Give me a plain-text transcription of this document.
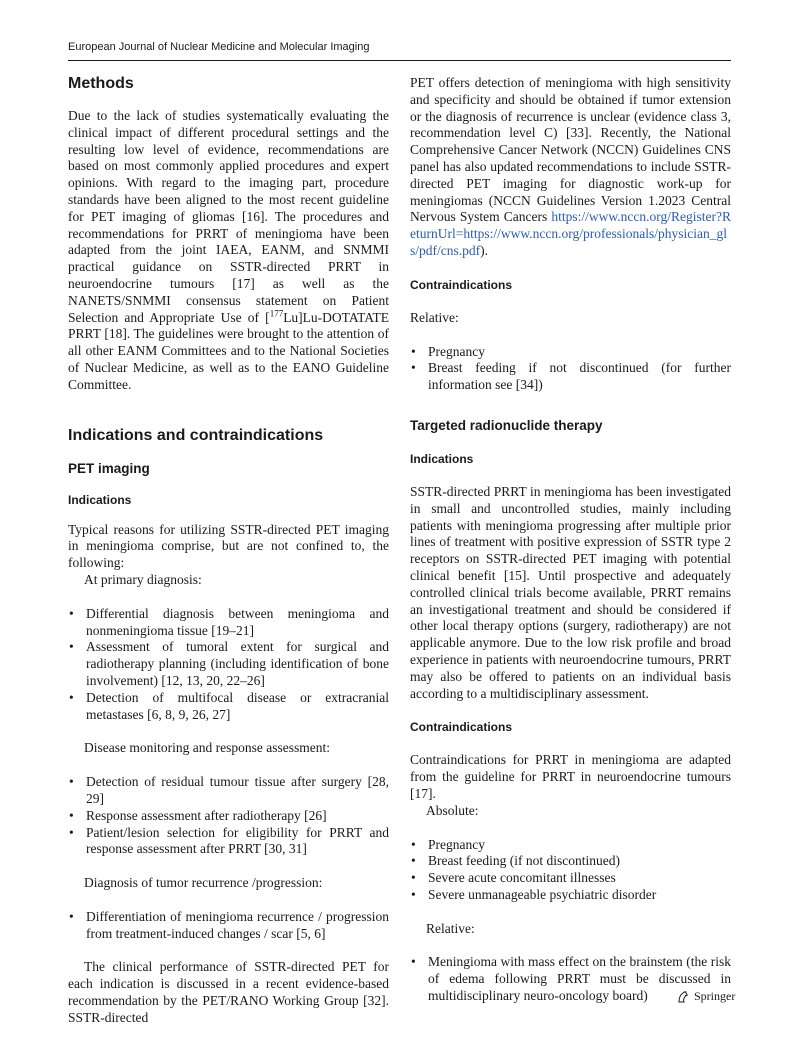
European Journal of Nuclear Medicine and Molecular Imaging
Methods

Due to the lack of studies systematically evaluating the clinical impact of different procedural settings and the resulting low level of evidence, recommendations are based on most commonly applied procedures and expert opinions. With regard to the imaging part, procedure standards have been aligned to the most recent guideline for PET imaging of gliomas [16]. The procedures and recommendations for PRRT of meningioma have been adapted from the joint IAEA, EANM, and SNMMI practical guidance on SSTR-directed PRRT in neuroendocrine tumours [17] as well as the NANETS/SNMMI consensus statement on Patient Selection and Appropriate Use of [$^{177}$Lu]Lu-DOTATATE PRRT [18]. The guidelines were brought to the attention of all other EANM Committees and to the National Societies of Nuclear Medicine, as well as to the EANO Guideline Committee.

Indications and contraindications
PET imaging
Indications

Typical reasons for utilizing SSTR-directed PET imaging in meningioma comprise, but are not confined to, the following:

At primary diagnosis:

• Differential diagnosis between meningioma and nonmeningioma tissue [19–21]
• Assessment of tumoral extent for surgical and radiotherapy planning (including identification of bone involvement) [12, 13, 20, 22–26]
• Detection of multifocal disease or extracranial metastases [6, 8, 9, 26, 27]

Disease monitoring and response assessment:

• Detection of residual tumour tissue after surgery [28, 29]
• Response assessment after radiotherapy [26]
• Patient/lesion selection for eligibility for PRRT and response assessment after PRRT [30, 31]

Diagnosis of tumor recurrence /progression:

• Differentiation of meningioma recurrence / progression from treatment-induced changes / scar [5, 6]

The clinical performance of SSTR-directed PET for each indication is discussed in a recent evidence-based recommendation by the PET/RANO Working Group [32]. SSTR-directed

PET offers detection of meningioma with high sensitivity and specificity and should be obtained if tumor extension or the diagnosis of recurrence is unclear (evidence class 3, recommendation level C) [33]. Recently, the National Comprehensive Cancer Network (NCCN) Guidelines CNS panel has also updated recommendations to include SSTR-directed PET imaging for diagnostic work-up for meningiomas (NCCN Guidelines Version 1.2023 Central Nervous System Cancers https://www.nccn.org/Register?ReturnUrl=https://www.nccn.org/professionals/physician_gls/pdf/cns.pdf).

Contraindications

Relative:

• Pregnancy
• Breast feeding if not discontinued (for further information see [34])
Targeted radionuclide therapy
Indications

SSTR-directed PRRT in meningioma has been investigated in small and uncontrolled studies, mainly including patients with meningioma progressing after multiple prior lines of treatment with positive expression of SSTR type 2 receptors on SSTR-directed PET imaging with potential clinical benefit [15]. Until prospective and adequately controlled clinical trials become available, PRRT remains an investigational treatment and should be considered if other local therapy options (surgery, radiotherapy) are not applicable anymore. Due to the low risk profile and broad experience in patients with neuroendocrine tumours, PRRT may also be offered to patients on an individual basis according to a multidisciplinary assessment.

Contraindications

Contraindications for PRRT in meningioma are adapted from the guideline for PRRT in neuroendocrine tumours [17].

Absolute:

• Pregnancy
• Breast feeding (if not discontinued)
• Severe acute concomitant illnesses
• Severe unmanageable psychiatric disorder

Relative:

• Meningioma with mass effect on the brainstem (the risk of edema following PRRT must be discussed in multidisciplinary neuro-oncology board)	Springer
